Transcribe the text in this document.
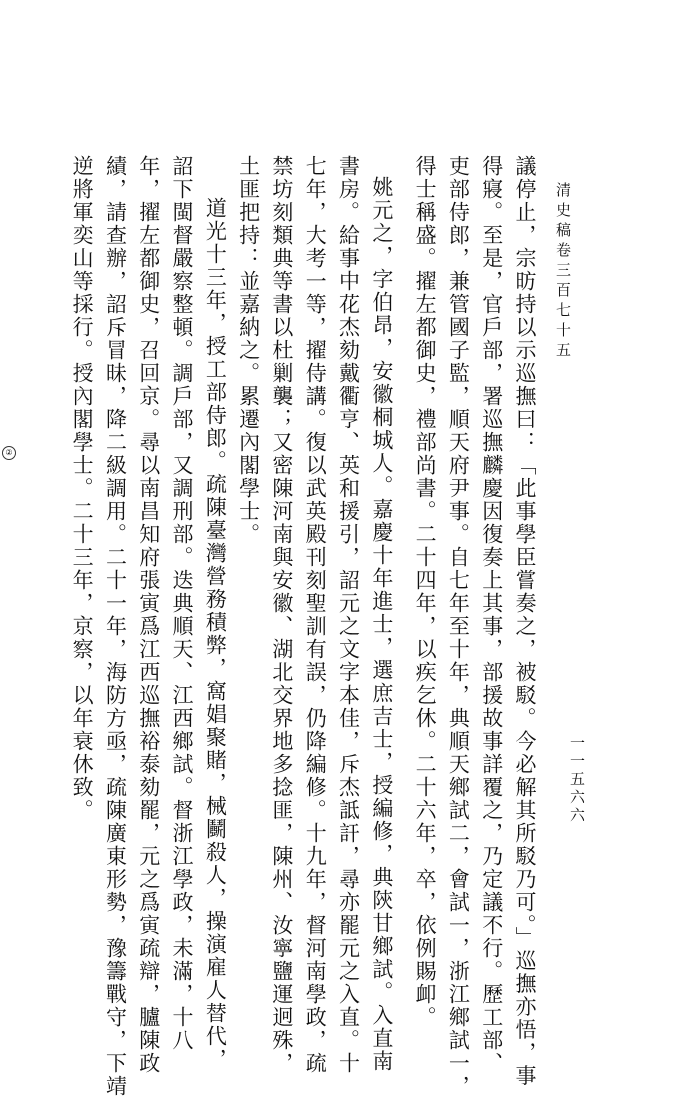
清史稿卷三百七十五
一一五六六
議停止，宗昉持以示巡撫曰：「此事學臣嘗奏之，被駁。今必解其所駁乃可。」巡撫亦悟，事
得寢。至是，官戶部，署巡撫麟慶因復奏上其事，部援故事詳覆之，乃定議不行。歷工部、
吏部侍郎，兼管國子監，順天府尹事。自七年至十年，典順天鄉試二，會試一，浙江鄉試一，
得士稱盛。擢左都御史，禮部尚書。二十四年，以疾乞休。二十六年，卒，依例賜卹。
姚元之，字伯昂，安徽桐城人。嘉慶十年進士，選庶吉士，授編修，典陝甘鄉試。入直南
書房。給事中花杰劾戴衢亨、英和援引，詔元之文字本佳，斥杰詆訐，尋亦罷元之入直。十
七年，大考一等，擢侍講。復以武英殿刊刻聖訓有誤，仍降編修。十九年，督河南學政，疏
禁坊刻類典等書以杜剿襲；又密陳河南與安徽、湖北交界地多捻匪，陳州、汝寧鹽運迥殊，
土匪把持：並嘉納之。累遷內閣學士。
道光十三年，授工部侍郎。疏陳臺灣營務積弊，窩娼聚賭，械鬭殺人，操演雇人替代，
詔下閩督嚴察整頓。調戶部，又調刑部。迭典順天、江西鄉試。督浙江學政，未滿，十八
年，擢左都御史，召回京。尋以南昌知府張寅爲江西巡撫裕泰劾罷，元之爲寅疏辯，臚陳政
績，請查辦，詔斥冒昧，降二級調用。二十一年，海防方亟，疏陳廣東形勢，豫籌戰守，下靖
逆將軍奕山等採行。授內閣學士。二十三年，京察，以年衰休致。
②
